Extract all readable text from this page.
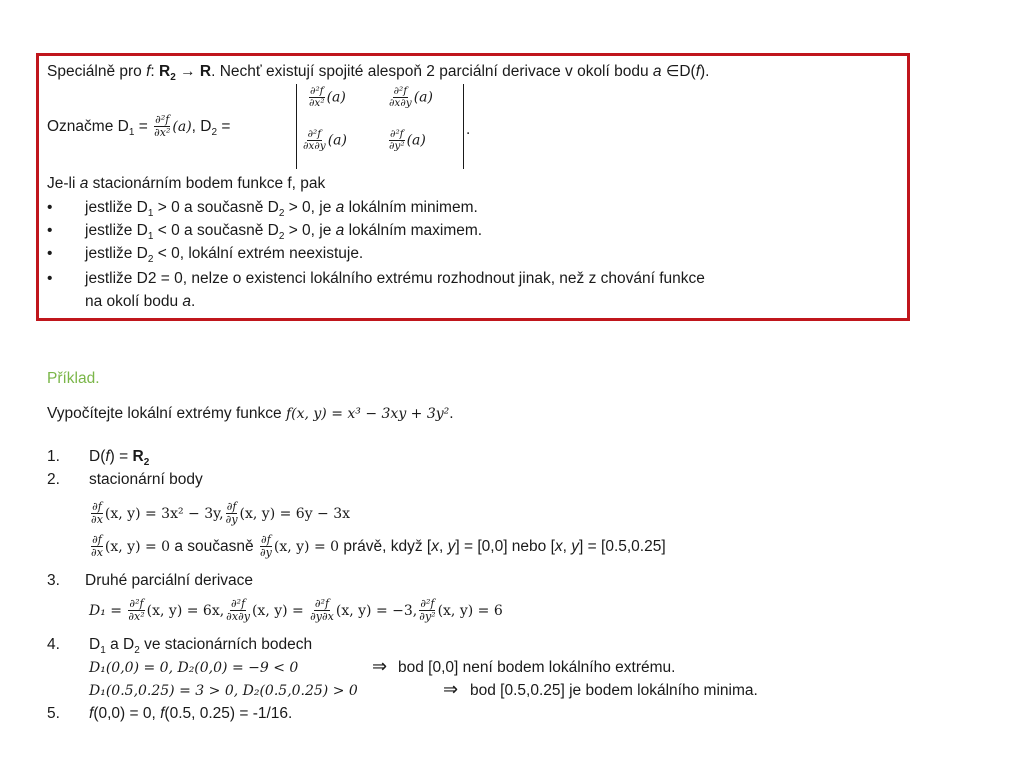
Speciálně pro f: $R_2 \to R$. Nechť existují spojité alespoň 2 parciální derivace v okolí bodu a ∈D(f).
Označme $D_1 = \frac{\text{∂²f}}{\text{∂x²}} (a)$, $D_2$ =
$\frac{\text{∂²f}}{\text{∂x²}} (a)$	$\frac{\text{∂²f}}{\partial x\partial y} (a)$
$\frac{\text{∂²f}}{\partial x\partial y} (a)$	$\frac{\text{∂²f}}{\text{∂y²}} (a)$
.
Je-li a stacionárním bodem funkce f, pak
• jestliže $D_1 > 0$ a současně $D_2 > 0$, je a lokálním minimem.
• jestliže $D_1 < 0$ a současně $D_2 > 0$, je a lokálním maximem.
• jestliže $D_2 < 0$, lokální extrém neexistuje.
• jestliže D2 = 0, nelze o existenci lokálního extrému rozhodnout jinak, než z chování funkce
na okolí bodu a.
Příklad.
Vypočítejte lokální extrémy funkce f(x, y) = x³ − 3xy + 3y².
1. $D(f) = R_2$
2. stacionární body
$\frac{\partial f}{\partial x} (x$, y) = 3x² − 3y, $\frac{\partial f}{\partial y} (x$, y) = 6y − 3x
$\frac{\partial f}{\partial x} (x$, y) = 0 a současně $\frac{\partial f}{\partial y} (x$, y) = 0 právě, když [x, y] = [0,0] nebo [x, y] = [0.5,0.25]
3. Druhé parciální derivace
$D_1 = \frac{\text{∂²f}}{\text{∂x²}} (x$, y) = 6x, $\frac{\text{∂²f}}{\partial x\partial y} (x$, $y) = \frac{\text{∂²f}}{\partial y\partial x} (x$, y) = −3, $\frac{\text{∂²f}}{\text{∂y²}} (x$, y) = 6
4. $D_1$ a $D_2$ ve stacionárních bodech
D₁(0,0) = 0, D₂(0,0) = −9 < 0	⇒ bod [0,0] není bodem lokálního extrému.
D₁(0.5,0.25) = 3 > 0, D₂(0.5,0.25) > 0	⇒ bod [0.5,0.25] je bodem lokálního minima.
5. f(0,0) = 0, f(0.5, 0.25) = -1/16.
